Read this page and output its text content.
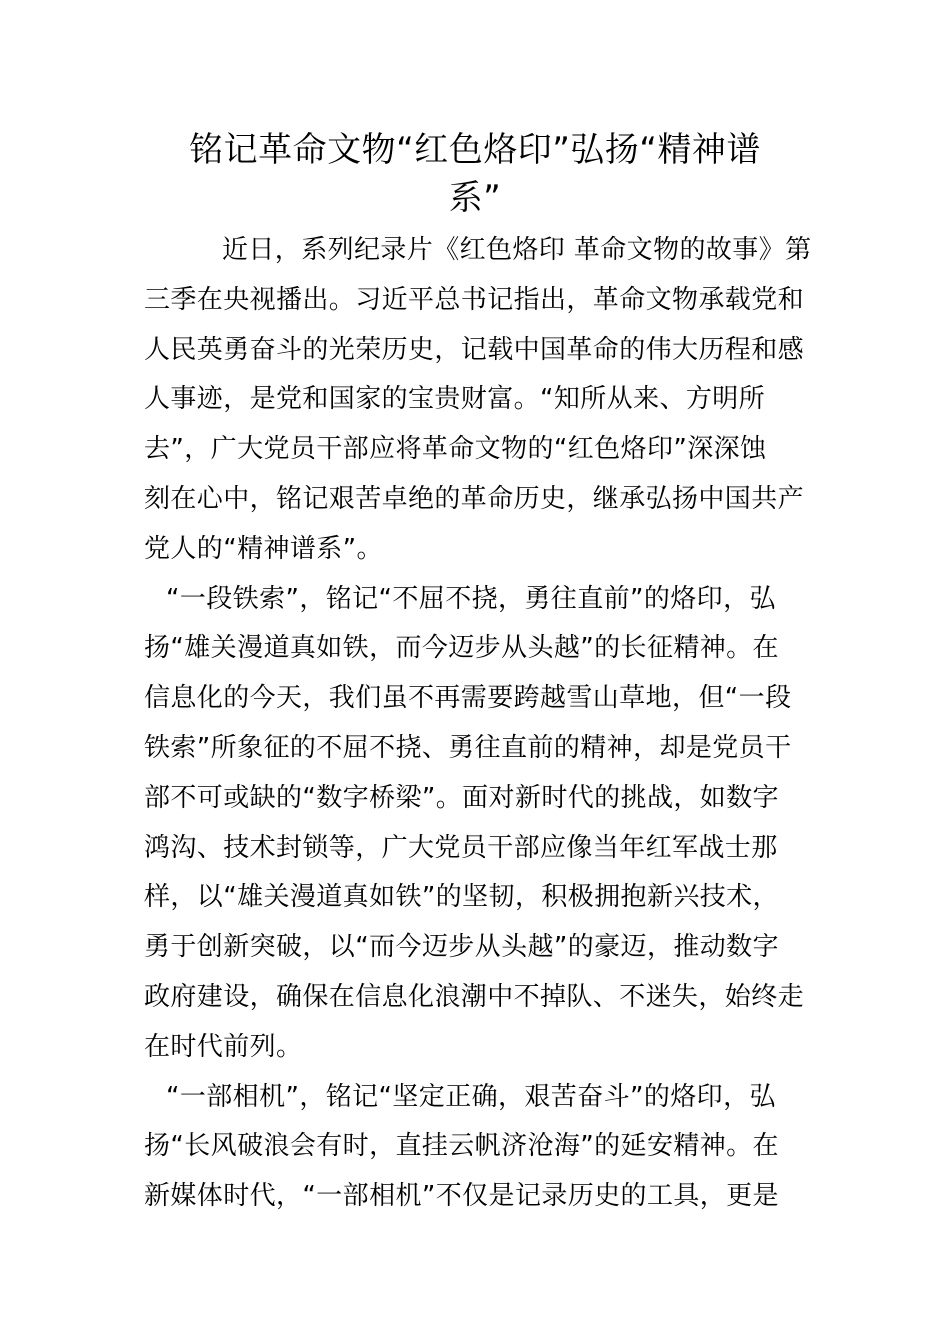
铭记革命文物“红色烙印”弘扬“精神谱
系”
近日，系列纪录片《红色烙印 革命文物的故事》第
三季在央视播出。习近平总书记指出，革命文物承载党和
人民英勇奋斗的光荣历史，记载中国革命的伟大历程和感
人事迹，是党和国家的宝贵财富。“知所从来、方明所
去”，广大党员干部应将革命文物的“红色烙印”深深蚀
刻在心中，铭记艰苦卓绝的革命历史，继承弘扬中国共产
党人的“精神谱系”。
“一段铁索”，铭记“不屈不挠，勇往直前”的烙印，弘
扬“雄关漫道真如铁，而今迈步从头越”的长征精神。在
信息化的今天，我们虽不再需要跨越雪山草地，但“一段
铁索”所象征的不屈不挠、勇往直前的精神，却是党员干
部不可或缺的“数字桥梁”。面对新时代的挑战，如数字
鸿沟、技术封锁等，广大党员干部应像当年红军战士那
样，以“雄关漫道真如铁”的坚韧，积极拥抱新兴技术，
勇于创新突破，以“而今迈步从头越”的豪迈，推动数字
政府建设，确保在信息化浪潮中不掉队、不迷失，始终走
在时代前列。
“一部相机”，铭记“坚定正确，艰苦奋斗”的烙印，弘
扬“长风破浪会有时，直挂云帆济沧海”的延安精神。在
新媒体时代，“一部相机”不仅是记录历史的工具，更是
